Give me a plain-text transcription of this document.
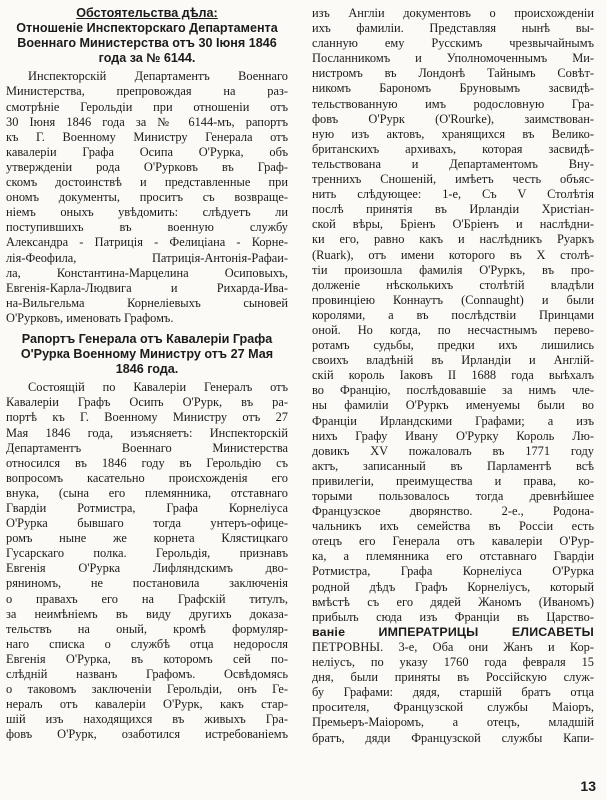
Обстоятельства дѣла:
Отношеніе Инспекторскаго Департамента
Военнаго Министерства отъ 30 Іюня 1846
года за № 6144.
Инспекторскій Департаментъ Военнаго
Министерства, препровождая на раз-
смотрѣніе Герольдіи при отношеніи отъ
30 Іюня 1846 года за № 6144-мъ, рапортъ
къ Г. Военному Министру Генерала отъ
кавалеріи Графа Осипа О'Рурка, объ
утвержденіи рода О'Рурковъ въ Граф-
скомъ достоинствѣ и представленные при
ономъ документы, проситъ съ возвраще-
ніемъ оныхъ увѣдомить: слѣдуетъ ли
поступившихъ въ военную службу
Александра - Патриція - Фелиціана - Корне-
лія-Феофила, Патриція-Антонія-Рафаи-
ла, Константина-Марцелина Осиповыхъ,
Евгенія-Карла-Людвига и Рихарда-Ива-
на-Вильгельма Корнеліевыхъ сыновей
О'Рурковъ, именовать Графомъ.
Рапортъ Генерала отъ Кавалеріи Графа
О'Рурка Военному Министру отъ 27 Мая
1846 года.
Состоящій по Кавалеріи Генералъ отъ
Кавалеріи Графъ Осипъ О'Рурк, въ ра-
портѣ къ Г. Военному Министру отъ 27
Мая 1846 года, изъясняетъ: Инспекторскій
Департаментъ Военнаго Министерства
относился въ 1846 году въ Герольдію съ
вопросомъ касательно происхожденія его
внука, (сына его племянника, отставнаго
Гвардіи Ротмистра, Графа Корнеліуса
О'Рурка бывшаго тогда унтеръ-офице-
ромъ ныне же корнета Клястицкаго
Гусарскаго полка. Герольдія, признавъ
Евгенія О'Рурка Лифляндскимъ дво-
ряниномъ, не постановила заключенія
о правахъ его на Графскій титулъ,
за неимѣніемъ въ виду другихъ доказа-
тельствъ на оный, кромѣ формуляр-
наго списка о службѣ отца недоросля
Евгенія О'Рурка, въ которомъ сей по-
слѣдній названъ Графомъ. Освѣдомясь
о таковомъ заключеніи Герольдіи, онъ Ге-
нералъ отъ кавалеріи О'Рурк, какъ стар-
шій изъ находящихся въ живыхъ Гра-
фовъ О'Рурк, озаботился истребованіемъ
изъ Англіи документовъ о происхожденіи
ихъ фамиліи. Представляя нынѣ вы-
сланную ему Русскимъ чрезвычайнымъ
Посланникомъ и Уполномоченнымъ Ми-
нистромъ въ Лондонѣ Тайнымъ Совѣт-
никомъ Барономъ Бруновымъ засвидѣ-
тельствованную имъ родословную Гра-
фовъ О'Рурк (O'Rourke), заимствован-
ную изъ актовъ, хранящихся въ Велико-
британскихъ архивахъ, которая засвидѣ-
тельствована и Департаментомъ Вну-
треннихъ Сношеній, имѣетъ честь объяс-
нить слѣдующее: 1-е, Съ V Столѣтія
послѣ принятія въ Ирландіи Христіан-
ской вѣры, Бріенъ О'Бріенъ и наслѣдни-
ки его, равно какъ и наслѣдникъ Руаркъ
(Ruark), отъ имени которого въ X столѣ-
тіи произошла фамилія О'Руркъ, въ про-
долженіе нѣсколькихъ столѣтій владѣли
провинціею Коннаутъ (Connaught) и были
королями, а въ послѣдствіи Принцами
оной. Но когда, по несчастнымъ перево-
ротамъ судьбы, предки ихъ лишились
своихъ владѣній въ Ирландіи и Англій-
скій король Іаковъ II 1688 года выѣхалъ
во Францію, послѣдовавшіе за нимъ чле-
ны фамиліи О'Руркъ именуемы были во
Франціи Ирландскими Графами; а изъ
нихъ Графу Ивану О'Рурку Король Лю-
довикъ XV пожаловалъ въ 1771 году
актъ, записанный въ Парламентѣ всѣ
привилегіи, преимущества и права, ко-
торыми пользовалось тогда древнѣйшее
Французское дворянство. 2-е., Родона-
чальникъ ихъ семейства въ Россіи есть
отецъ его Генерала отъ кавалеріи О'Рур-
ка, а племянника его отставнаго Гвардіи
Ротмистра, Графа Корнеліуса О'Рурка
родной дѣдъ Графъ Корнеліусъ, который
вмѣстѣ съ его дядей Жаномъ (Иваномъ)
прибылъ сюда изъ Франціи въ Царство-
ваніе ИМПЕРАТРИЦЫ ЕЛИСАВЕТЫ
ПЕТРОВНЫ. 3-е, Оба они Жанъ и Кор-
неліусъ, по указу 1760 года февраля 15
дня, были приняты въ Россійскую служ-
бу Графами: дядя, старшій братъ отца
просителя, Французской службы Маіоръ,
Премьеръ-Маіоромъ, а отецъ, младшій
братъ, дяди Французской службы Капи-
13
